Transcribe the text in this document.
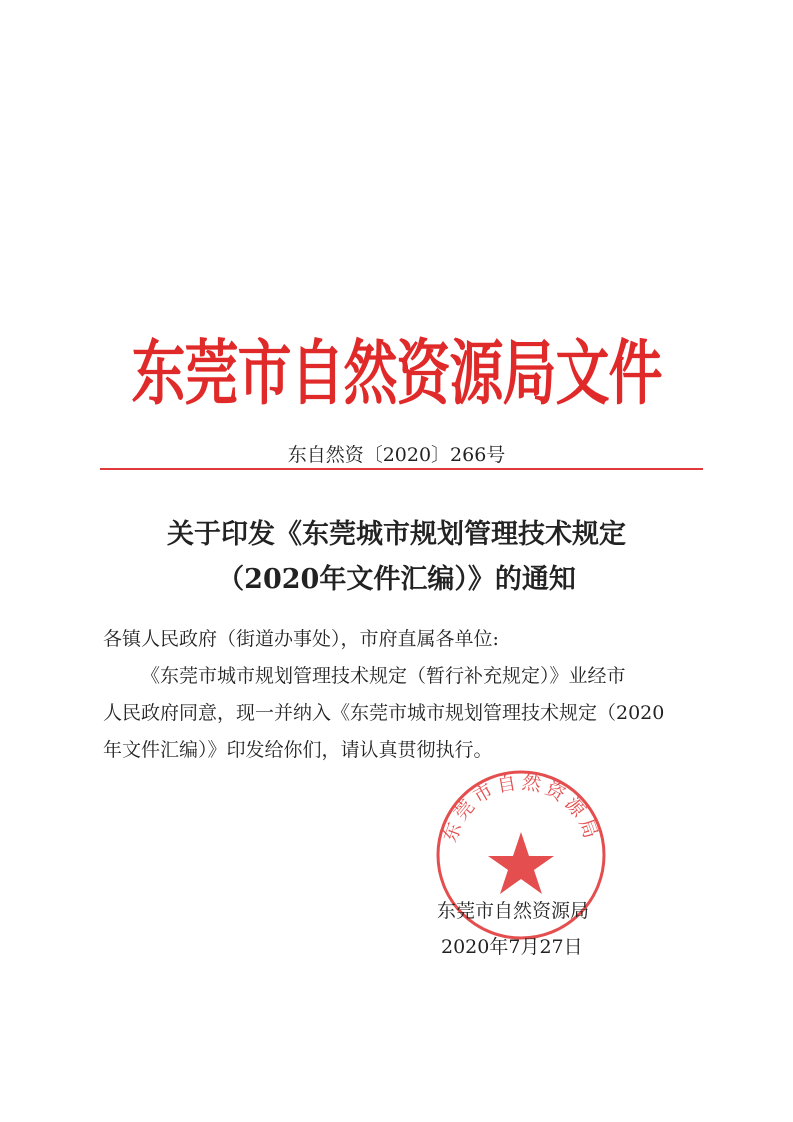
东莞市自然资源局文件
东自然资〔2020〕266号
关于印发《东莞城市规划管理技术规定
（2020年文件汇编）》的通知
各镇人民政府（街道办事处），市府直属各单位:
《东莞市城市规划管理技术规定（暂行补充规定）》业经市
人民政府同意，现一并纳入《东莞市城市规划管理技术规定（2020
年文件汇编）》印发给你们，请认真贯彻执行。
东莞市自然资源局
东莞市自然资源局
2020年7月27日
